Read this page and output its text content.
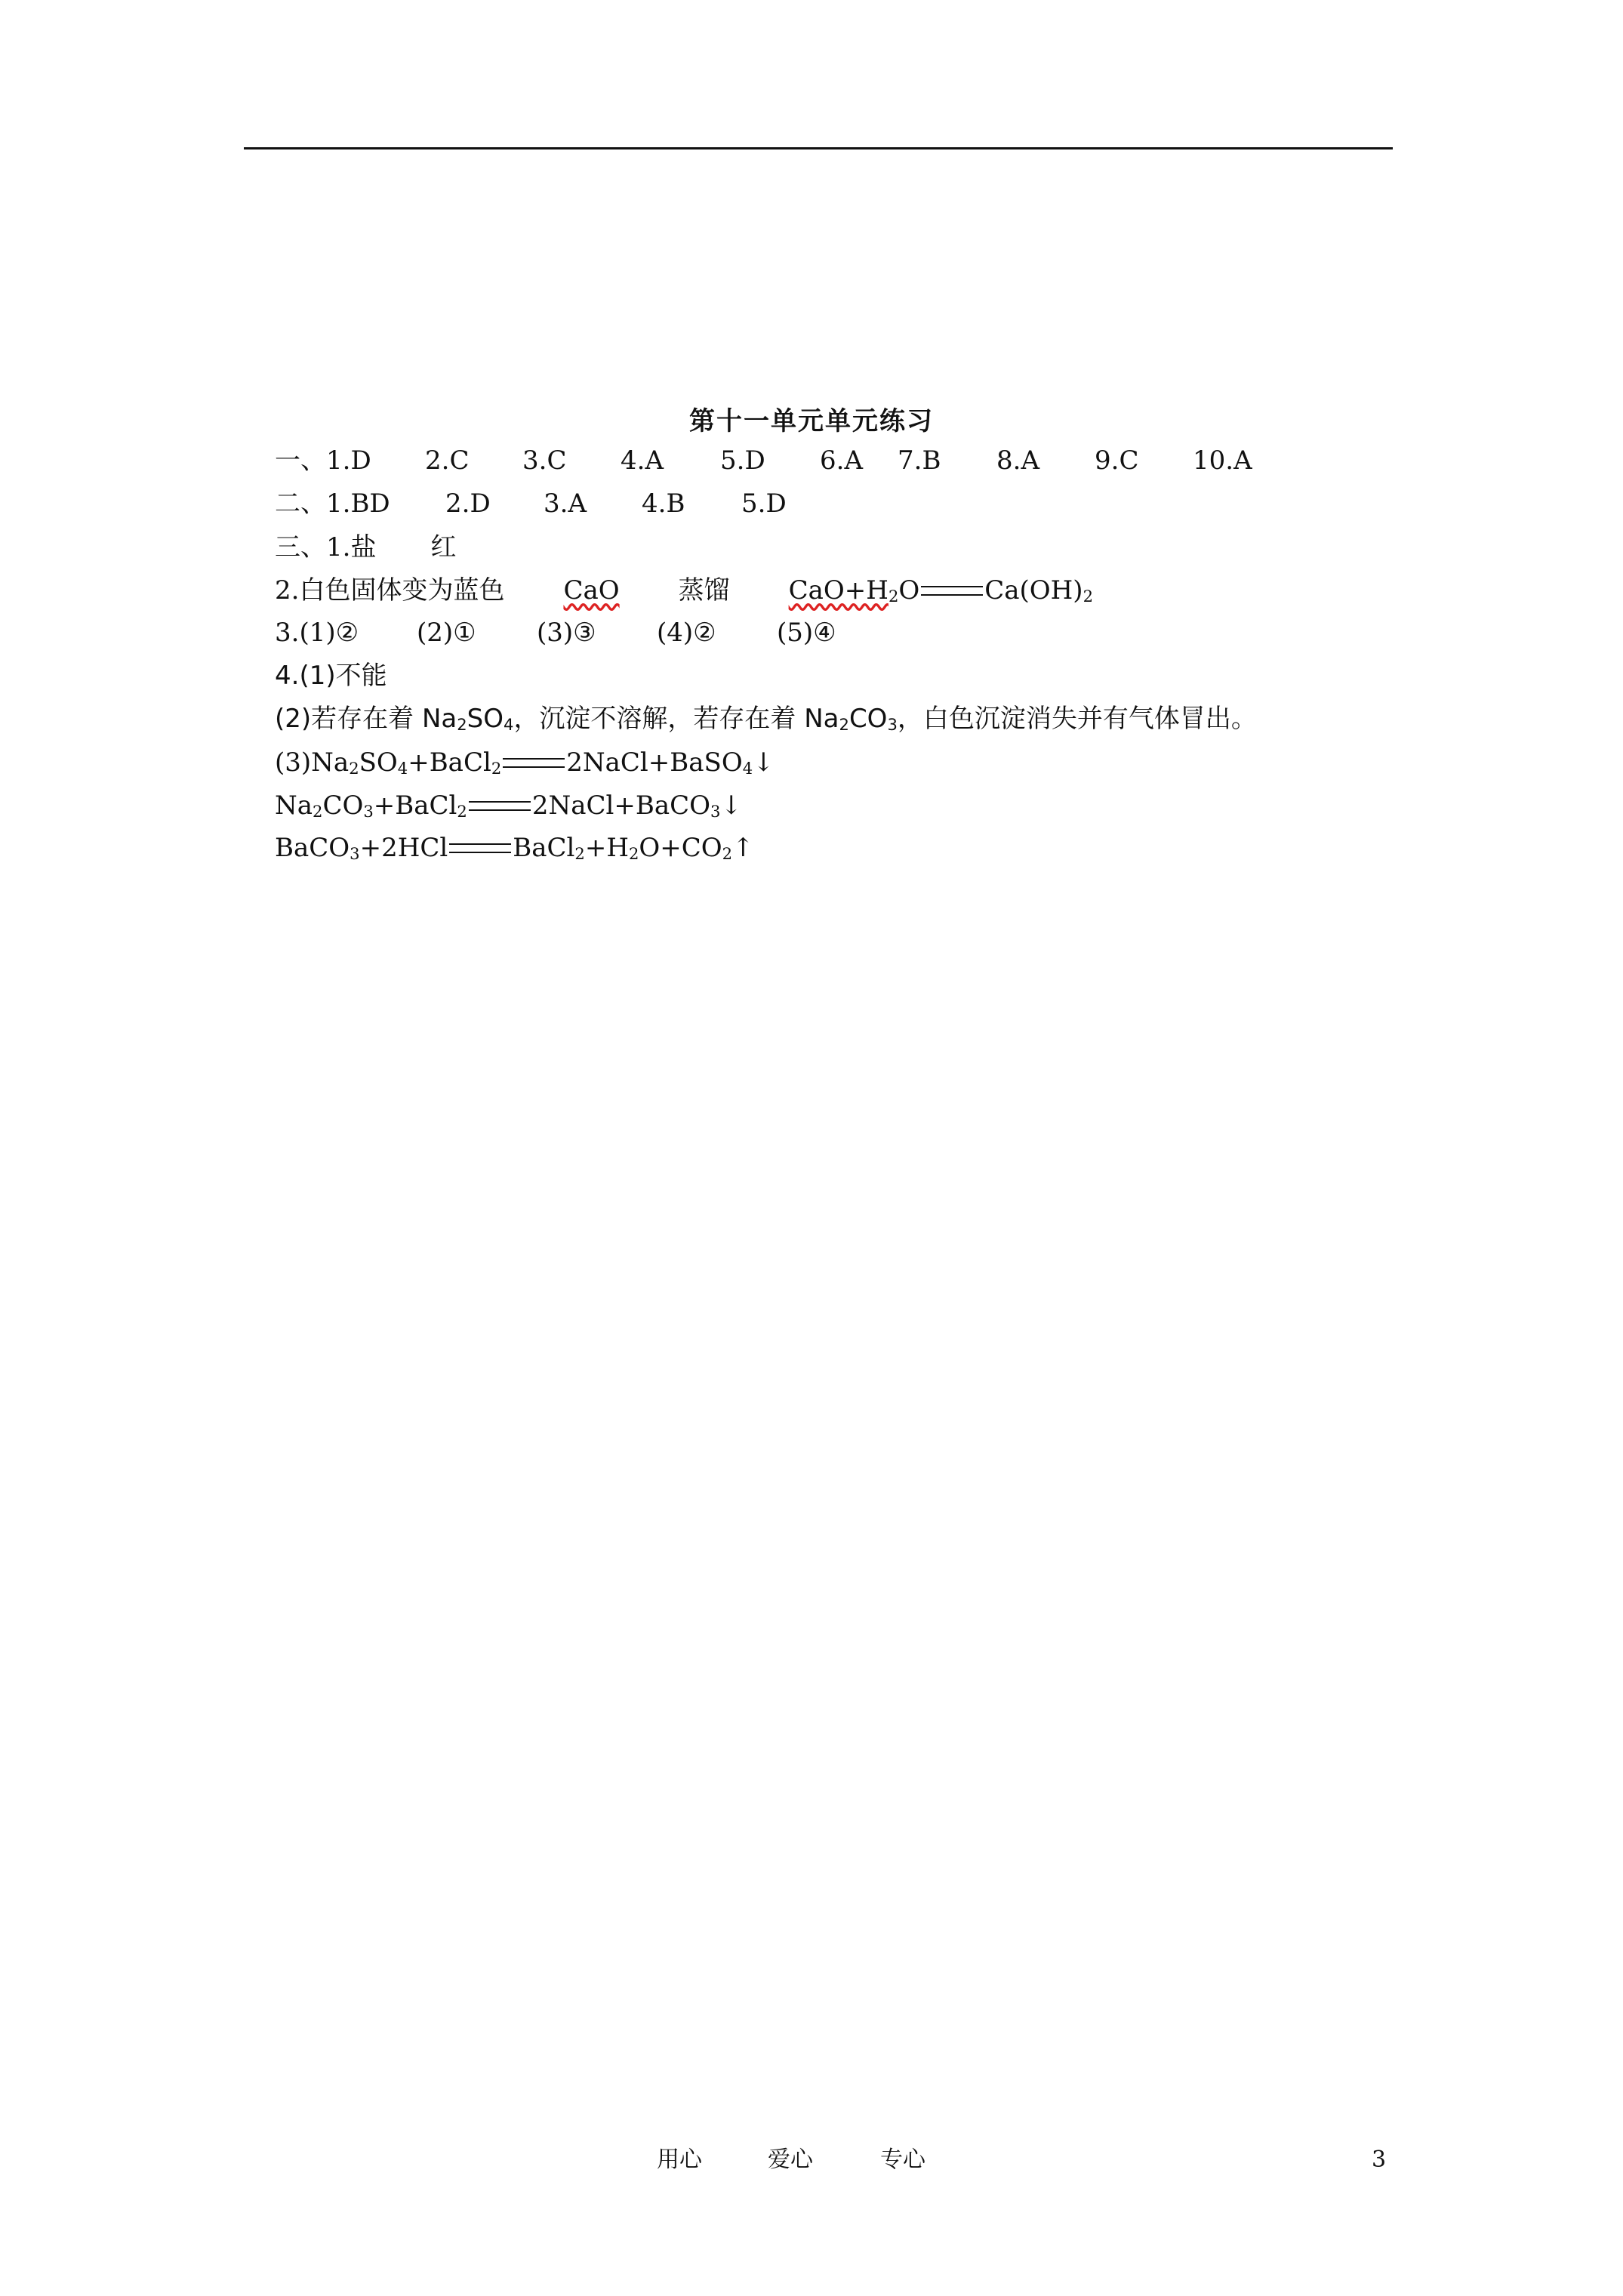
第十一单元单元练习
一、1.D 2.C 3.C 4.A 5.D 6.A 7.B 8.A 9.C 10.A
二、1.BD 2.D 3.A 4.B 5.D
三、1.盐 红
2.白色固体变为蓝色 CaO 蒸馏 $CaO+H_2O$	$Ca(OH)_2$
3.(1)② (2)① (3)③ (4)② (5)④
4.(1)不能
(2)若存在着 $Na_2SO_4$，沉淀不溶解，若存在着 $Na_2CO_3$，白色沉淀消失并有气体冒出。
$(3)Na_2SO_4+BaCl_2$	2NaCl+BaSO$_4$↓
$Na_2CO_3+BaCl_2$	2NaCl+BaCO$_3$↓
BaCO$_3$+2HCl	$BaCl_2+H_2O+CO_2↑$
用心	爱心	专心	3
